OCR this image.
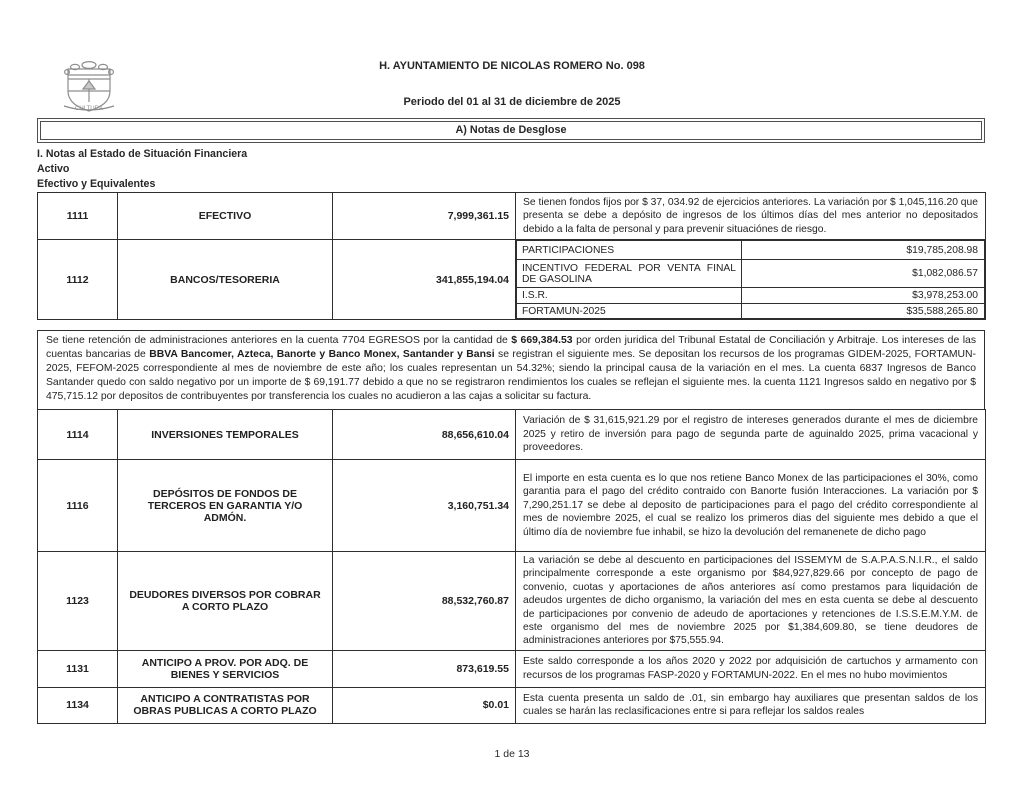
CULTURA
H. AYUNTAMIENTO DE NICOLAS ROMERO No. 098
Periodo del 01 al 31 de diciembre de 2025
A) Notas de Desglose
I. Notas al Estado de Situación Financiera
Activo
Efectivo y Equivalentes
1111	EFECTIVO	7,999,361.15	Se tienen fondos fijos por $ 37, 034.92 de ejercicios anteriores. La variación por $ 1,045,116.20 que presenta se debe a depósito de ingresos de los últimos días del mes anterior no depositados debido a la falta de personal y para prevenir situaciónes de riesgo.
1112	BANCOS/TESORERIA	341,855,194.04	
PARTICIPACIONES	$19,785,208.98
INCENTIVO FEDERAL POR VENTA FINAL DE GASOLINA	$1,082,086.57
I.S.R.	$3,978,253.00
FORTAMUN-2025	$35,588,265.80
Se tiene retención de administraciones anteriores en la cuenta 7704 EGRESOS por la cantidad de $ 669,384.53 por orden juridica del Tribunal Estatal de Conciliación y Arbitraje. Los intereses de las cuentas bancarias de BBVA Bancomer, Azteca, Banorte y Banco Monex, Santander y Bansi se registran el siguiente mes. Se depositan los recursos de los programas GIDEM-2025, FORTAMUN-2025, FEFOM-2025 correspondiente al mes de noviembre de este año; los cuales representan un 54.32%; siendo la principal causa de la variación en el mes. La cuenta 6837 Ingresos de Banco Santander quedo con saldo negativo por un importe de $ 69,191.77 debido a que no se registraron rendimientos los cuales se reflejan el siguiente mes. la cuenta 1121 Ingresos saldo en negativo por $ 475,715.12 por depositos de contribuyentes por transferencia los cuales no acudieron a las cajas a solicitar su factura.
1114	INVERSIONES TEMPORALES	88,656,610.04	Variación de $ 31,615,921.29 por el registro de intereses generados durante el mes de diciembre 2025 y retiro de inversión para pago de segunda parte de aguinaldo 2025, prima vacacional y proveedores.
1116	DEPÓSITOS DE FONDOS DE TERCEROS EN GARANTIA Y/O ADMÓN.	3,160,751.34	El importe en esta cuenta es lo que nos retiene Banco Monex de las participaciones el 30%, como garantia para el pago del crédito contraido con Banorte fusión Interacciones. La variación por $ 7,290,251.17 se debe al deposito de participaciones para el pago del crédito correspondiente al mes de noviembre 2025, el cual se realizo los primeros dias del siguiente mes debido a que el último día de noviembre fue inhabil, se hizo la devolución del remanenete de dicho pago
1123	DEUDORES DIVERSOS POR COBRAR A CORTO PLAZO	88,532,760.87	La variación se debe al descuento en participaciones del ISSEMYM de S.A.P.A.S.N.I.R., el saldo principalmente corresponde a este organismo por $84,927,829.66 por concepto de pago de convenio, cuotas y aportaciones de años anteriores así como prestamos para liquidación de adeudos urgentes de dicho organismo, la variación del mes en esta cuenta se debe al descuento de participaciones por convenio de adeudo de aportaciones y retenciones de I.S.S.E.M.Y.M. de este organismo del mes de noviembre 2025 por $1,384,609.80, se tiene deudores de administraciones anteriores por $75,555.94.
1131	ANTICIPO A PROV. POR ADQ. DE BIENES Y SERVICIOS	873,619.55	Este saldo corresponde a los años 2020 y 2022 por adquisición de cartuchos y armamento con recursos de los programas FASP-2020 y FORTAMUN-2022. En el mes no hubo movimientos
1134	ANTICIPO A CONTRATISTAS POR OBRAS PUBLICAS A CORTO PLAZO	$0.01	Esta cuenta presenta un saldo de .01, sin embargo hay auxiliares que presentan saldos de los cuales se harán las reclasificaciones entre si para reflejar los saldos reales
1 de 13
